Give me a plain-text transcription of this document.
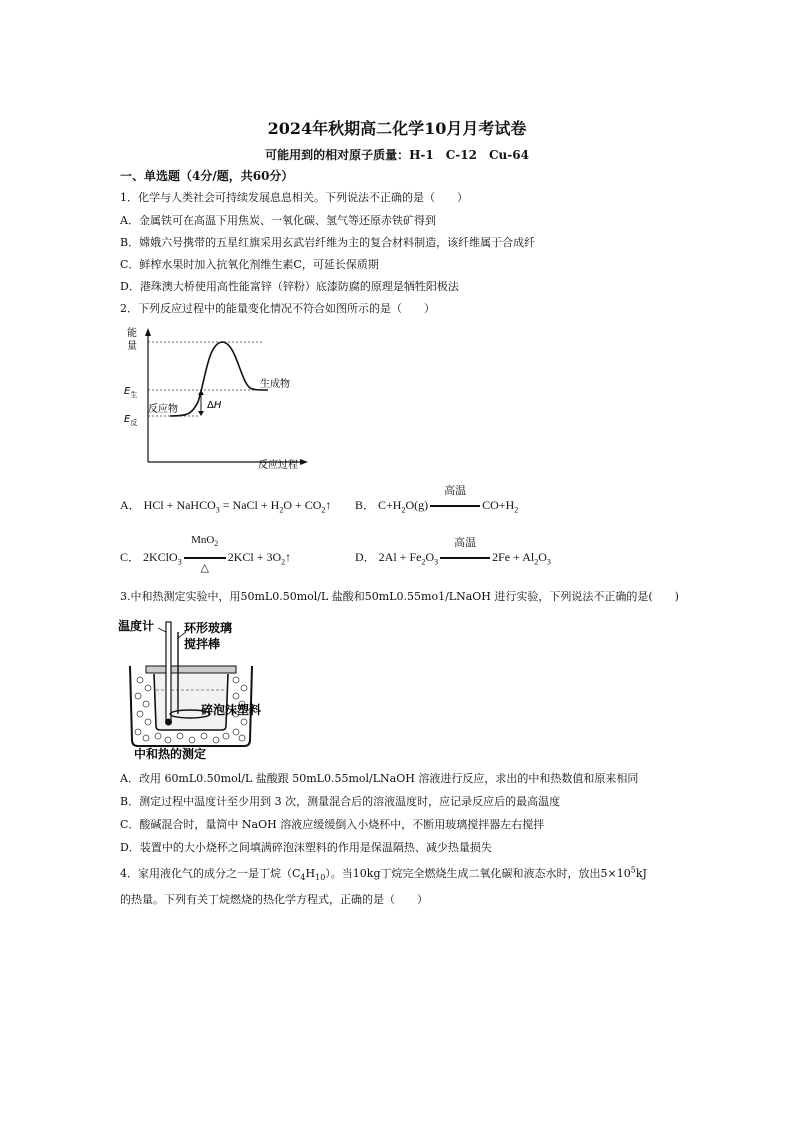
2024年秋期高二化学10月月考试卷
可能用到的相对原子质量：H-1　C-12　Cu-64
一、单选题（4分/题，共60分）
1．化学与人类社会可持续发展息息相关。下列说法不正确的是（　　）
A．金属铁可在高温下用焦炭、一氧化碳、氢气等还原赤铁矿得到
B．嫦娥六号携带的五星红旗采用玄武岩纤维为主的复合材料制造，该纤维属于合成纤
C．鲜榨水果时加入抗氧化剂维生素C，可延长保质期
D．港珠澳大桥使用高性能富锌（锌粉）底漆防腐的原理是牺牲阳极法
2．下列反应过程中的能量变化情况不符合如图所示的是（　　）
能
量
$E_生$
$E_反$
ΔH
生成物
反应物
反应过程
A． HCl + NaHCO$_3$ = NaCl + $H_2O$ + $CO_2↑$ B． $C+H_2O(g)$
高温
$CO+H_2$
C． 2KClO$_3$
MnO$_2$
△
$2KCl + 3O_2↑$	D． $2Al + Fe_2O_3$
高温
$2Fe + Al_2O_3$
3.中和热测定实验中，用50mL0.50mol/L 盐酸和50mL0.55mo1/LNaOH 进行实验，下列说法不正确的是(　　)
温度计 环形玻璃
搅拌棒
碎泡沫塑料
中和热的测定
A．改用 60mL0.50mol/L 盐酸跟 50mL0.55mol/LNaOH 溶液进行反应，求出的中和热数值和原来相同
B．测定过程中温度计至少用到 3 次，测量混合后的溶液温度时，应记录反应后的最高温度
C．酸碱混合时，量筒中 NaOH 溶液应缓缓倒入小烧杯中，不断用玻璃搅拌器左右搅拌
D．装置中的大小烧杯之间填满碎泡沫塑料的作用是保温隔热、减少热量损失
4．家用液化气的成分之一是丁烷$(C_4H_{10})$。当10kg丁烷完全燃烧生成二氧化碳和液态水时，放出$5\times 10^5kJ$
的热量。下列有关丁烷燃烧的热化学方程式，正确的是（　　）
